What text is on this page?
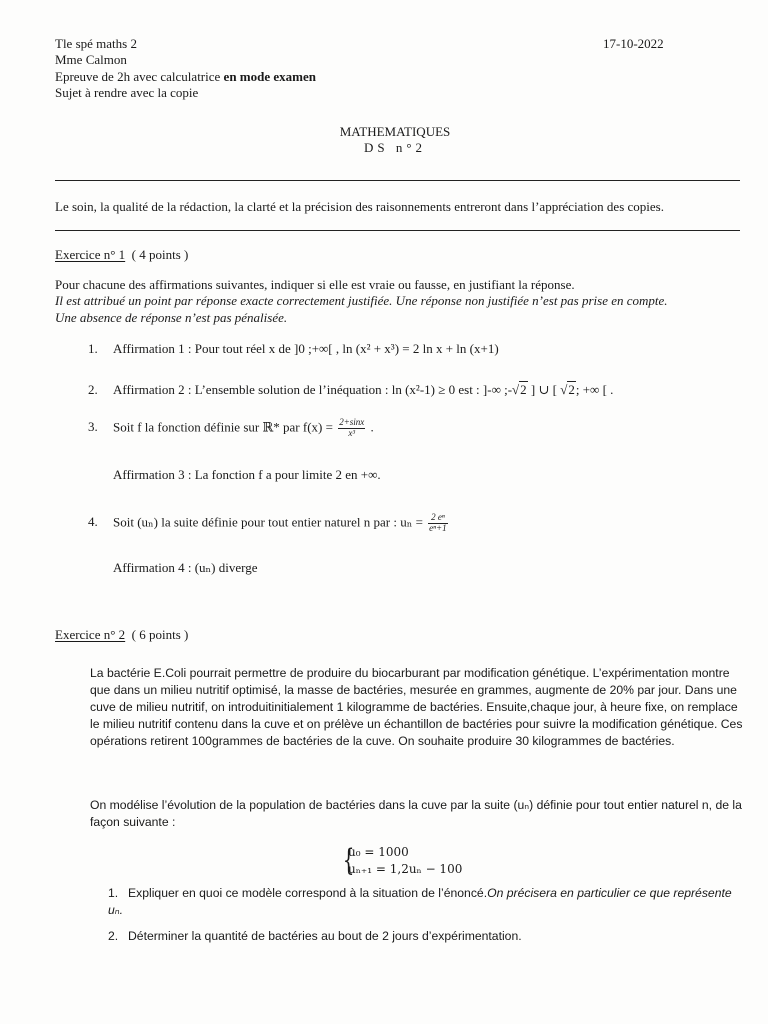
Tle spé maths 2
Mme Calmon
Epreuve de 2h avec calculatrice en mode examen
Sujet à rendre avec la copie
17-10-2022
MATHEMATIQUES
DS n°2
Le soin, la qualité de la rédaction, la clarté et la précision des raisonnements entreront dans l’appréciation des copies.
Exercice n° 1 ( 4 points )
Pour chacune des affirmations suivantes, indiquer si elle est vraie ou fausse, en justifiant la réponse.
Il est attribué un point par réponse exacte correctement justifiée. Une réponse non justifiée n’est pas prise en compte.
Une absence de réponse n’est pas pénalisée.
1. Affirmation 1 : Pour tout réel x de ]0 ;+∞[ , ln (x² + x³) = 2 ln x + ln (x+1)
2. Affirmation 2 : L’ensemble solution de l’inéquation : ln (x²-1) ≥ 0 est : ]-∞ ;-√2 ] ∪ [ √2; +∞ [ .
3. Soit f la fonction définie sur ℝ* par $f(x) = \frac{2+\sin x}{\text{x³}}$ .
Affirmation 3 : La fonction f a pour limite 2 en +∞.
4. Soit (uₙ) la suite définie pour tout entier naturel n par : $u_n = \frac{\text{2 eⁿ}}{\text{eⁿ+1}}$
Affirmation 4 : (uₙ) diverge
Exercice n° 2 ( 6 points )
La bactérie E.Coli pourrait permettre de produire du biocarburant par modification génétique. L’expérimentation montre que dans un milieu nutritif optimisé, la masse de bactéries, mesurée en grammes, augmente de 20% par jour. Dans une cuve de milieu nutritif, on introduitinitialement 1 kilogramme de bactéries. Ensuite,chaque jour, à heure fixe, on remplace le milieu nutritif contenu dans la cuve et on prélève un échantillon de bactéries pour suivre la modification génétique. Ces opérations retirent 100grammes de bactéries de la cuve. On souhaite produire 30 kilogrammes de bactéries.
On modélise l’évolution de la population de bactéries dans la cuve par la suite (uₙ) définie pour tout entier naturel n, de la façon suivante :
{
u₀ = 1000
uₙ₊₁ = 1,2uₙ − 100
1. Expliquer en quoi ce modèle correspond à la situation de l’énoncé.On précisera en particulier ce que représente uₙ.
2. Déterminer la quantité de bactéries au bout de 2 jours d’expérimentation.
